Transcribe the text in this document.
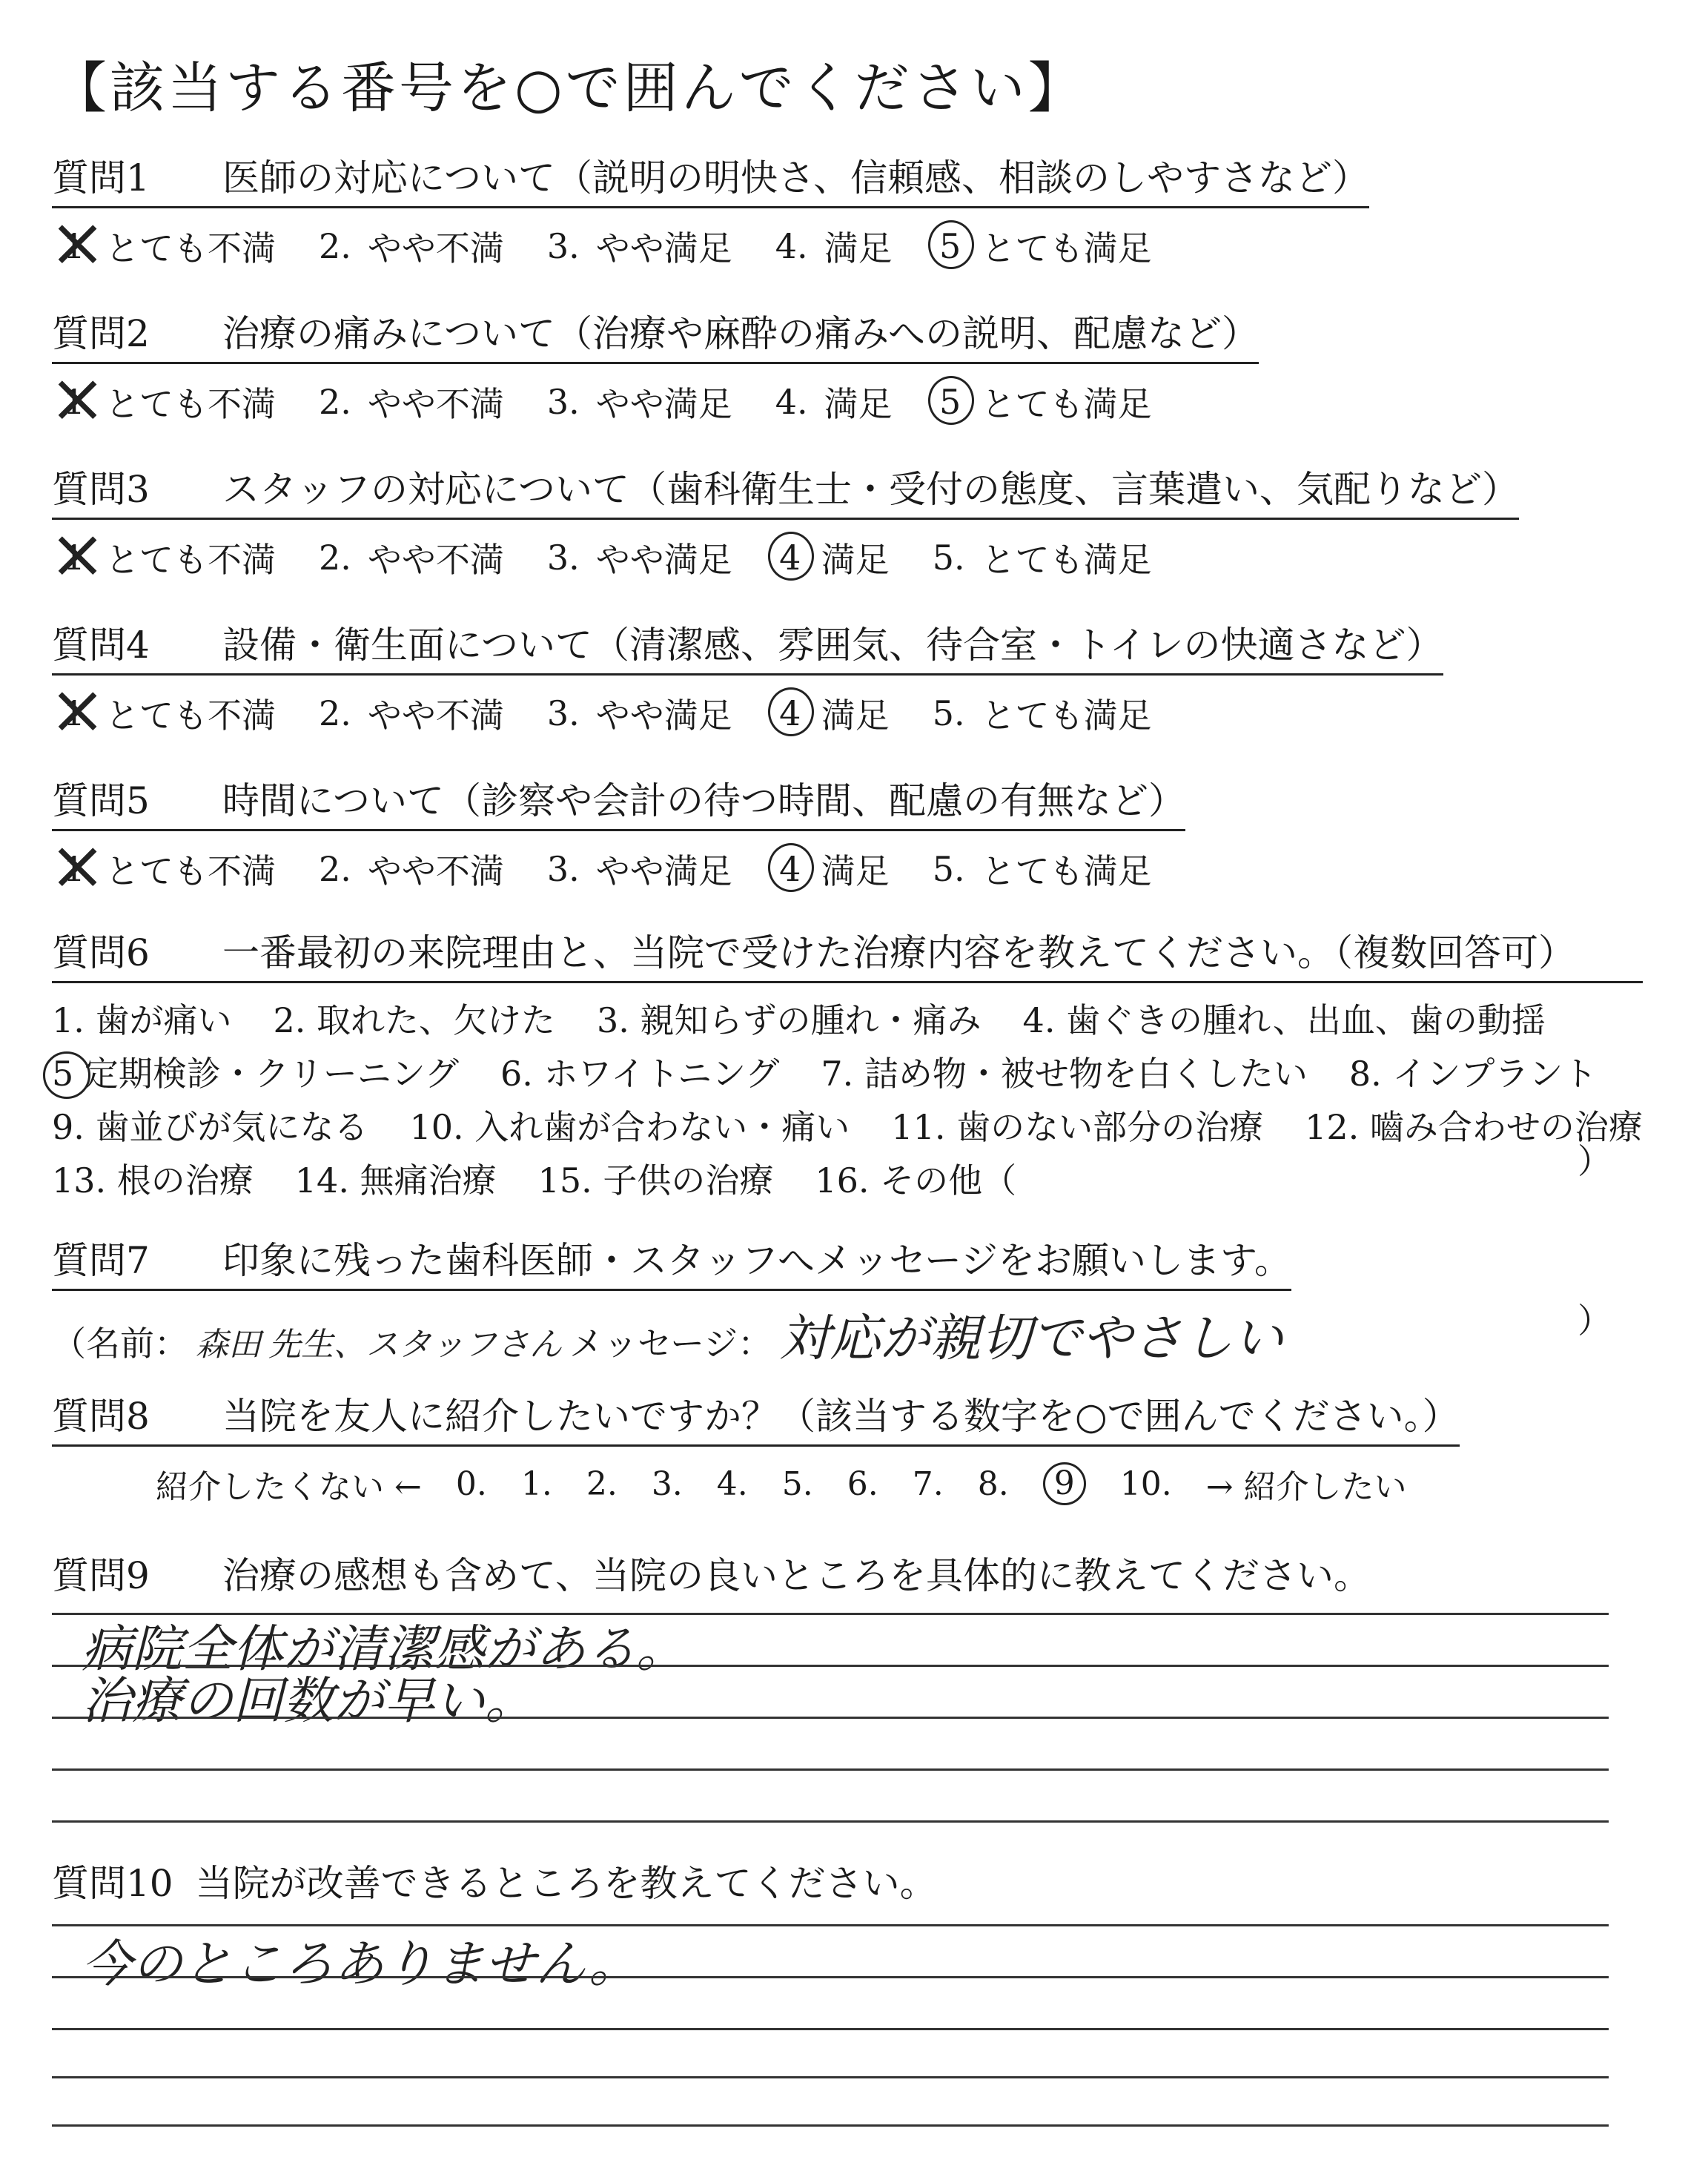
【該当する番号を○で囲んでください】
質問1	医師の対応について（説明の明快さ、信頼感、相談のしやすさなど）
1 × とても不満 2. やや不満 3. やや満足 4. 満足 5 とても満足
質問2	治療の痛みについて（治療や麻酔の痛みへの説明、配慮など）
1 × とても不満 2. やや不満 3. やや満足 4. 満足 5 とても満足
質問3	スタッフの対応について（歯科衛生士・受付の態度、言葉遣い、気配りなど）
1 × とても不満 2. やや不満 3. やや満足 4 満足 5. とても満足
質問4	設備・衛生面について（清潔感、雰囲気、待合室・トイレの快適さなど）
1 × とても不満 2. やや不満 3. やや満足 4 満足 5. とても満足
質問5	時間について（診察や会計の待つ時間、配慮の有無など）
1 × とても不満 2. やや不満 3. やや満足 4 満足 5. とても満足
質問6	一番最初の来院理由と、当院で受けた治療内容を教えてください。（複数回答可）
1. 歯が痛い 2. 取れた、欠けた 3. 親知らずの腫れ・痛み 4. 歯ぐきの腫れ、出血、歯の動揺
5 定期検診・クリーニング 6. ホワイトニング 7. 詰め物・被せ物を白くしたい 8. インプラント
9. 歯並びが気になる 10. 入れ歯が合わない・痛い 11. 歯のない部分の治療 12. 嚙み合わせの治療
13. 根の治療 14. 無痛治療 15. 子供の治療 16. その他（	）
質問7	印象に残った歯科医師・スタッフへメッセージをお願いします。
（名前： 森田 先生、スタッフさん メッセージ： 対応が親切でやさしい	）
質問8	当院を友人に紹介したいですか？（該当する数字を○で囲んでください。）
紹介したくない ← 0. 1. 2. 3. 4. 5. 6. 7. 8.	9	10. → 紹介したい
質問9	治療の感想も含めて、当院の良いところを具体的に教えてください。
病院全体が清潔感がある。
治療の回数が早い。
質問10 当院が改善できるところを教えてください。
今のところありません。
